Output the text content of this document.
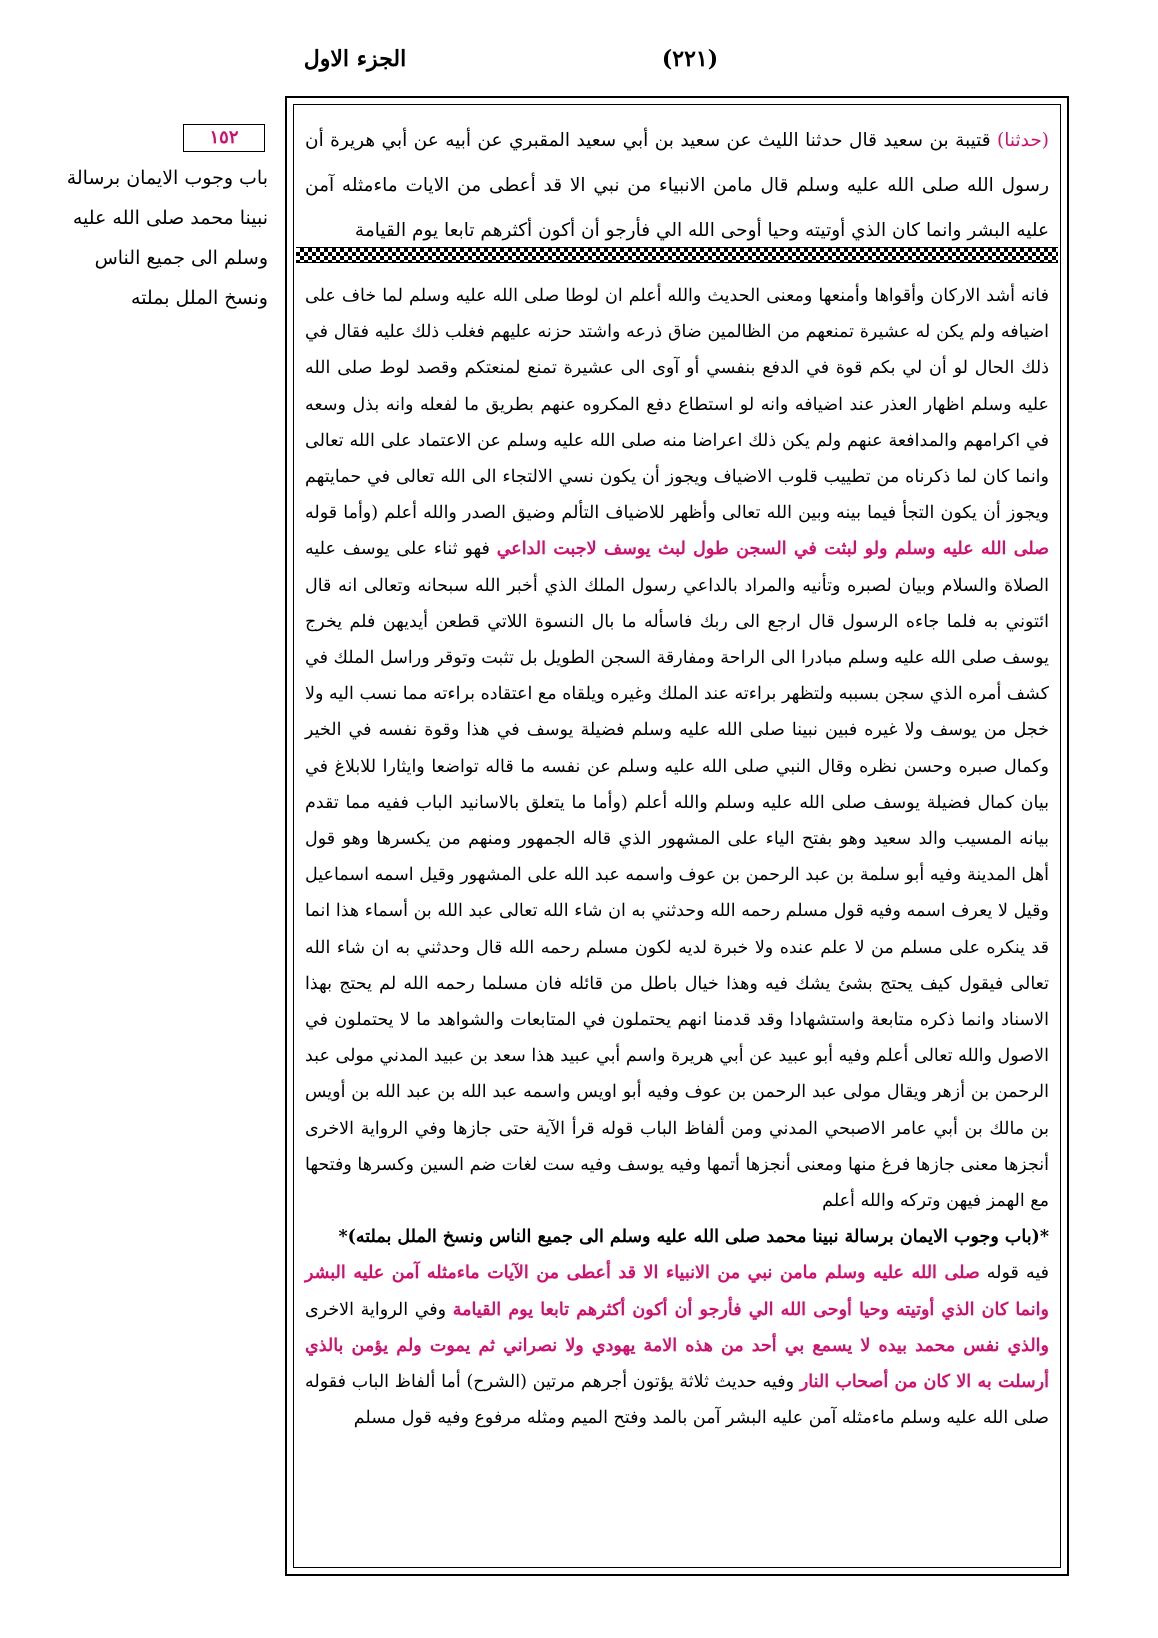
الجزء الاول	(٢٢١)
١٥٢
باب وجوب الايمان برسالة نبينا محمد صلى الله عليه وسلم الى جميع الناس ونسخ الملل بملته

(حدثنا) قتيبة بن سعيد قال حدثنا الليث عن سعيد بن أبي سعيد المقبري عن أبيه عن أبي هريرة أن رسول الله صلى الله عليه وسلم قال مامن الانبياء من نبي الا قد أعطى من الايات ماءمثله آمن عليه البشر وانما كان الذي أوتيته وحيا أوحى الله الي فأرجو أن أكون أكثرهم تابعا يوم القيامة

فانه أشد الاركان وأقواها وأمنعها ومعنى الحديث والله أعلم ان لوطا صلى الله عليه وسلم لما خاف على اضيافه ولم يكن له عشيرة تمنعهم من الظالمين ضاق ذرعه واشتد حزنه عليهم فغلب ذلك عليه فقال في ذلك الحال لو أن لي بكم قوة في الدفع بنفسي أو آوى الى عشيرة تمنع لمنعتكم وقصد لوط صلى الله عليه وسلم اظهار العذر عند اضيافه وانه لو استطاع دفع المكروه عنهم بطريق ما لفعله وانه بذل وسعه في اكرامهم والمدافعة عنهم ولم يكن ذلك اعراضا منه صلى الله عليه وسلم عن الاعتماد على الله تعالى وانما كان لما ذكرناه من تطييب قلوب الاضياف ويجوز أن يكون نسي الالتجاء الى الله تعالى في حمايتهم ويجوز أن يكون التجأ فيما بينه وبين الله تعالى وأظهر للاضياف التألم وضيق الصدر والله أعلم (وأما قوله صلى الله عليه وسلم ولو لبثت في السجن طول لبث يوسف لاجبت الداعي فهو ثناء على يوسف عليه الصلاة والسلام وبيان لصبره وتأنيه والمراد بالداعي رسول الملك الذي أخبر الله سبحانه وتعالى انه قال ائتوني به فلما جاءه الرسول قال ارجع الى ربك فاسأله ما بال النسوة اللاتي قطعن أيديهن فلم يخرج يوسف صلى الله عليه وسلم مبادرا الى الراحة ومفارقة السجن الطويل بل تثبت وتوقر وراسل الملك في كشف أمره الذي سجن بسببه ولتظهر براءته عند الملك وغيره ويلقاه مع اعتقاده براءته مما نسب اليه ولا خجل من يوسف ولا غيره فبين نبينا صلى الله عليه وسلم فضيلة يوسف في هذا وقوة نفسه في الخير وكمال صبره وحسن نظره وقال النبي صلى الله عليه وسلم عن نفسه ما قاله تواضعا وايثارا للابلاغ في بيان كمال فضيلة يوسف صلى الله عليه وسلم والله أعلم (وأما ما يتعلق بالاسانيد الباب ففيه مما تقدم بيانه المسيب والد سعيد وهو بفتح الياء على المشهور الذي قاله الجمهور ومنهم من يكسرها وهو قول أهل المدينة وفيه أبو سلمة بن عبد الرحمن بن عوف واسمه عبد الله على المشهور وقيل اسمه اسماعيل وقيل لا يعرف اسمه وفيه قول مسلم رحمه الله وحدثني به ان شاء الله تعالى عبد الله بن أسماء هذا انما قد ينكره على مسلم من لا علم عنده ولا خبرة لديه لكون مسلم رحمه الله قال وحدثني به ان شاء الله تعالى فيقول كيف يحتج بشئ يشك فيه وهذا خيال باطل من قائله فان مسلما رحمه الله لم يحتج بهذا الاسناد وانما ذكره متابعة واستشهادا وقد قدمنا انهم يحتملون في المتابعات والشواهد ما لا يحتملون في الاصول والله تعالى أعلم وفيه أبو عبيد عن أبي هريرة واسم أبي عبيد هذا سعد بن عبيد المدني مولى عبد الرحمن بن أزهر ويقال مولى عبد الرحمن بن عوف وفيه أبو اويس واسمه عبد الله بن عبد الله بن أويس بن مالك بن أبي عامر الاصبحي المدني ومن ألفاظ الباب قوله قرأ الآية حتى جازها وفي الرواية الاخرى أنجزها معنى جازها فرغ منها ومعنى أنجزها أتمها وفيه يوسف وفيه ست لغات ضم السين وكسرها وفتحها مع الهمز فيهن وتركه والله أعلم

*(باب وجوب الايمان برسالة نبينا محمد صلى الله عليه وسلم الى جميع الناس ونسخ الملل بملته)*

فيه قوله صلى الله عليه وسلم مامن نبي من الانبياء الا قد أعطى من الآيات ماءمثله آمن عليه البشر وانما كان الذي أوتيته وحيا أوحى الله الي فأرجو أن أكون أكثرهم تابعا يوم القيامة وفي الرواية الاخرى والذي نفس محمد بيده لا يسمع بي أحد من هذه الامة يهودي ولا نصراني ثم يموت ولم يؤمن بالذي أرسلت به الا كان من أصحاب النار وفيه حديث ثلاثة يؤتون أجرهم مرتين (الشرح) أما ألفاظ الباب فقوله صلى الله عليه وسلم ماءمثله آمن عليه البشر آمن بالمد وفتح الميم ومثله مرفوع وفيه قول مسلم
